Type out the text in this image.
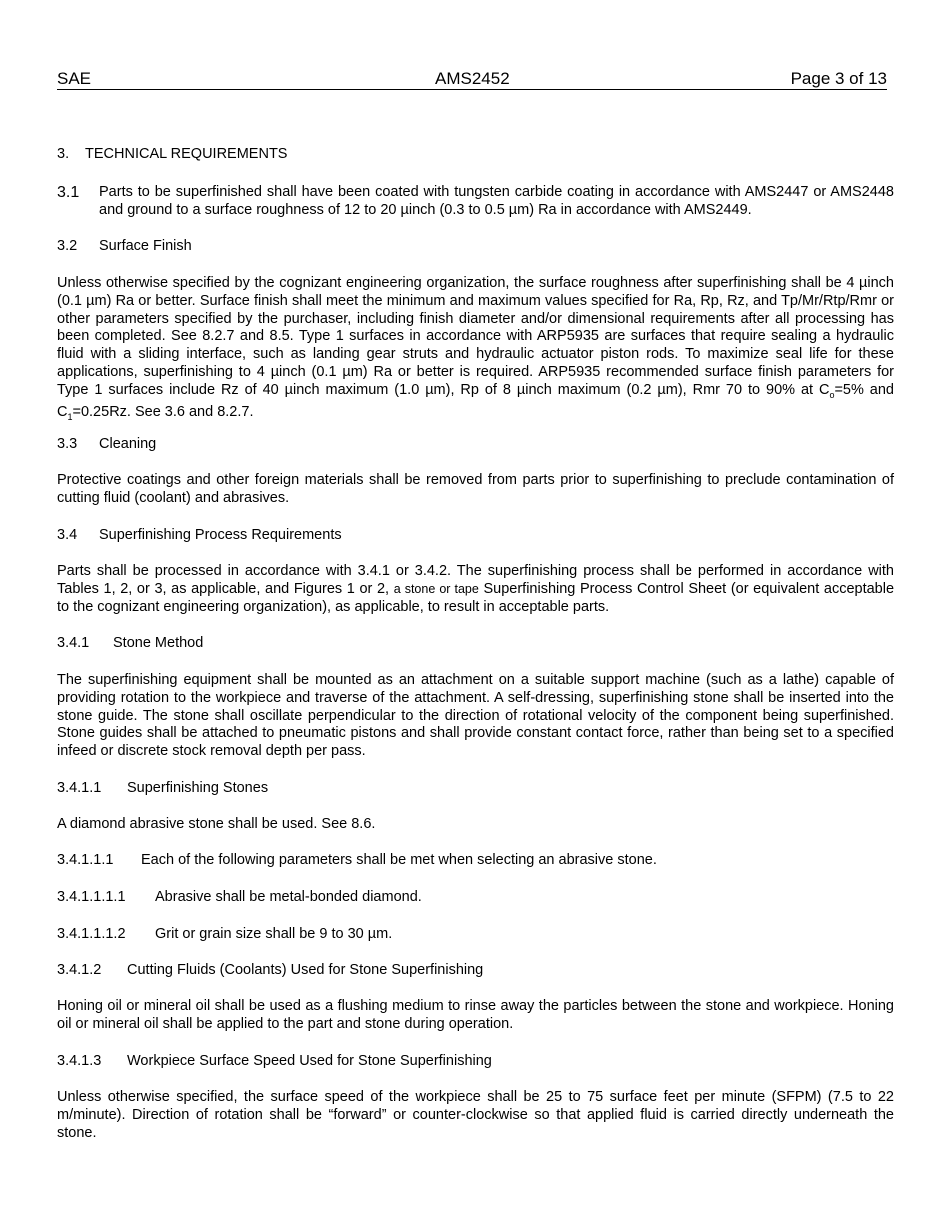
SAE	AMS2452	Page 3 of 13
3. TECHNICAL REQUIREMENTS
3.1	Parts to be superfinished shall have been coated with tungsten carbide coating in accordance with AMS2447 or AMS2448 and ground to a surface roughness of 12 to 20 µinch (0.3 to 0.5 µm) Ra in accordance with AMS2449.
3.2 Surface Finish
Unless otherwise specified by the cognizant engineering organization, the surface roughness after superfinishing shall be 4 µinch (0.1 µm) Ra or better. Surface finish shall meet the minimum and maximum values specified for Ra, Rp, Rz, and Tp/Mr/Rtp/Rmr or other parameters specified by the purchaser, including finish diameter and/or dimensional requirements after all processing has been completed. See 8.2.7 and 8.5. Type 1 surfaces in accordance with ARP5935 are surfaces that require sealing a hydraulic fluid with a sliding interface, such as landing gear struts and hydraulic actuator piston rods. To maximize seal life for these applications, superfinishing to 4 µinch (0.1 µm) Ra or better is required. ARP5935 recommended surface finish parameters for Type 1 surfaces include Rz of 40 µinch maximum (1.0 µm), Rp of 8 µinch maximum (0.2 µm), Rmr 70 to 90% at $C_o=5\%$ and $C_1=0.25Rz$. See 3.6 and 8.2.7.
3.3 Cleaning
Protective coatings and other foreign materials shall be removed from parts prior to superfinishing to preclude contamination of cutting fluid (coolant) and abrasives.
3.4 Superfinishing Process Requirements
Parts shall be processed in accordance with 3.4.1 or 3.4.2. The superfinishing process shall be performed in accordance with Tables 1, 2, or 3, as applicable, and Figures 1 or 2, a stone or tape Superfinishing Process Control Sheet (or equivalent acceptable to the cognizant engineering organization), as applicable, to result in acceptable parts.
3.4.1 Stone Method
The superfinishing equipment shall be mounted as an attachment on a suitable support machine (such as a lathe) capable of providing rotation to the workpiece and traverse of the attachment. A self-dressing, superfinishing stone shall be inserted into the stone guide. The stone shall oscillate perpendicular to the direction of rotational velocity of the component being superfinished. Stone guides shall be attached to pneumatic pistons and shall provide constant contact force, rather than being set to a specified infeed or discrete stock removal depth per pass.
3.4.1.1 Superfinishing Stones
A diamond abrasive stone shall be used. See 8.6.
3.4.1.1.1 Each of the following parameters shall be met when selecting an abrasive stone.
3.4.1.1.1.1 Abrasive shall be metal-bonded diamond.
3.4.1.1.1.2 Grit or grain size shall be 9 to 30 µm.
3.4.1.2 Cutting Fluids (Coolants) Used for Stone Superfinishing
Honing oil or mineral oil shall be used as a flushing medium to rinse away the particles between the stone and workpiece. Honing oil or mineral oil shall be applied to the part and stone during operation.
3.4.1.3 Workpiece Surface Speed Used for Stone Superfinishing
Unless otherwise specified, the surface speed of the workpiece shall be 25 to 75 surface feet per minute (SFPM) (7.5 to 22 m/minute). Direction of rotation shall be “forward” or counter-clockwise so that applied fluid is carried directly underneath the stone.
